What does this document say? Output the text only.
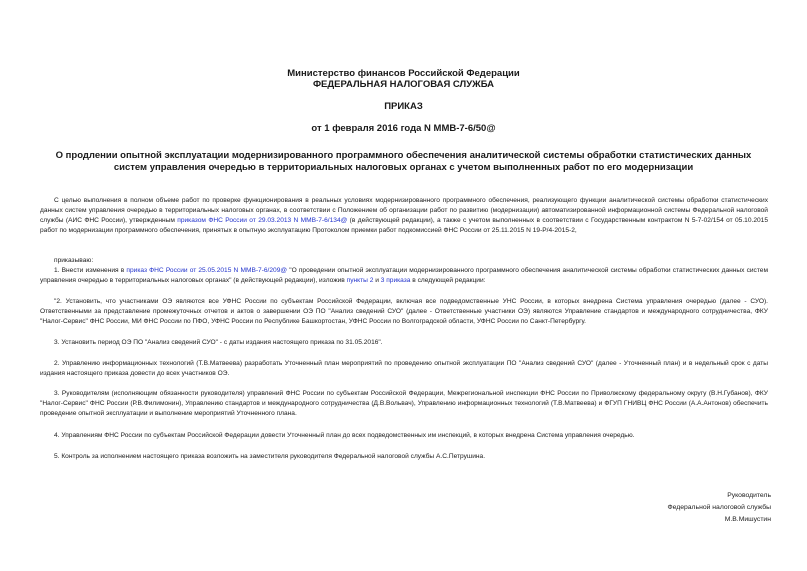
Министерство финансов Российской Федерации
ФЕДЕРАЛЬНАЯ НАЛОГОВАЯ СЛУЖБА
ПРИКАЗ
от 1 февраля 2016 года N ММВ-7-6/50@
О продлении опытной эксплуатации модернизированного программного обеспечения аналитической системы обработки статистических данных систем управления очередью в территориальных налоговых органах с учетом выполненных работ по его модернизации
С целью выполнения в полном объеме работ по проверке функционирования в реальных условиях модернизированного программного обеспечения, реализующего функции аналитической системы обработки статистических данных систем управления очередью в территориальных налоговых органах, в соответствии с Положением об организации работ по развитию (модернизации) автоматизированной информационной системы Федеральной налоговой службы (АИС ФНС России), утвержденным приказом ФНС России от 29.03.2013 N ММВ-7-6/134@ (в действующей редакции), а также с учетом выполненных в соответствии с Государственным контрактом N 5-7-02/154 от 05.10.2015 работ по модернизации программного обеспечения, принятых в опытную эксплуатацию Протоколом приемки работ подкомиссией ФНС России от 25.11.2015 N 19-Р/4-2015-2,
приказываю:
1. Внести изменения в приказ ФНС России от 25.05.2015 N ММВ-7-6/209@ "О проведении опытной эксплуатации модернизированного программного обеспечения аналитической системы обработки статистических данных систем управления очередью в территориальных налоговых органах" (в действующей редакции), изложив пункты 2 и 3 приказа в следующей редакции:
"2. Установить, что участниками ОЭ являются все УФНС России по субъектам Российской Федерации, включая все подведомственные УНС России, в которых внедрена Система управления очередью (далее - СУО). Ответственными за представление промежуточных отчетов и актов о завершении ОЭ ПО "Анализ сведений СУО" (далее - Ответственные участники ОЭ) являются Управление стандартов и международного сотрудничества, ФКУ "Налог-Сервис" ФНС России, МИ ФНС России по ПФО, УФНС России по Республике Башкортостан, УФНС России по Волгоградской области, УФНС России по Санкт-Петербургу.
3. Установить период ОЭ ПО "Анализ сведений СУО" - с даты издания настоящего приказа по 31.05.2016".
2. Управлению информационных технологий (Т.В.Матвеева) разработать Уточненный план мероприятий по проведению опытной эксплуатации ПО "Анализ сведений СУО" (далее - Уточненный план) и в недельный срок с даты издания настоящего приказа довести до всех участников ОЭ.
3. Руководителям (исполняющим обязанности руководителя) управлений ФНС России по субъектам Российской Федерации, Межрегиональной инспекции ФНС России по Приволжскому федеральному округу (В.Н.Губанов), ФКУ "Налог-Сервис" ФНС России (Р.В.Филимонин), Управлению стандартов и международного сотрудничества (Д.В.Вольвач), Управлению информационных технологий (Т.В.Матвеева) и ФГУП ГНИВЦ ФНС России (А.А.Антонов) обеспечить проведение опытной эксплуатации и выполнение мероприятий Уточненного плана.
4. Управлениям ФНС России по субъектам Российской Федерации довести Уточненный план до всех подведомственных им инспекций, в которых внедрена Система управления очередью.
5. Контроль за исполнением настоящего приказа возложить на заместителя руководителя Федеральной налоговой службы А.С.Петрушина.
Руководитель
Федеральной налоговой службы
М.В.Мишустин
